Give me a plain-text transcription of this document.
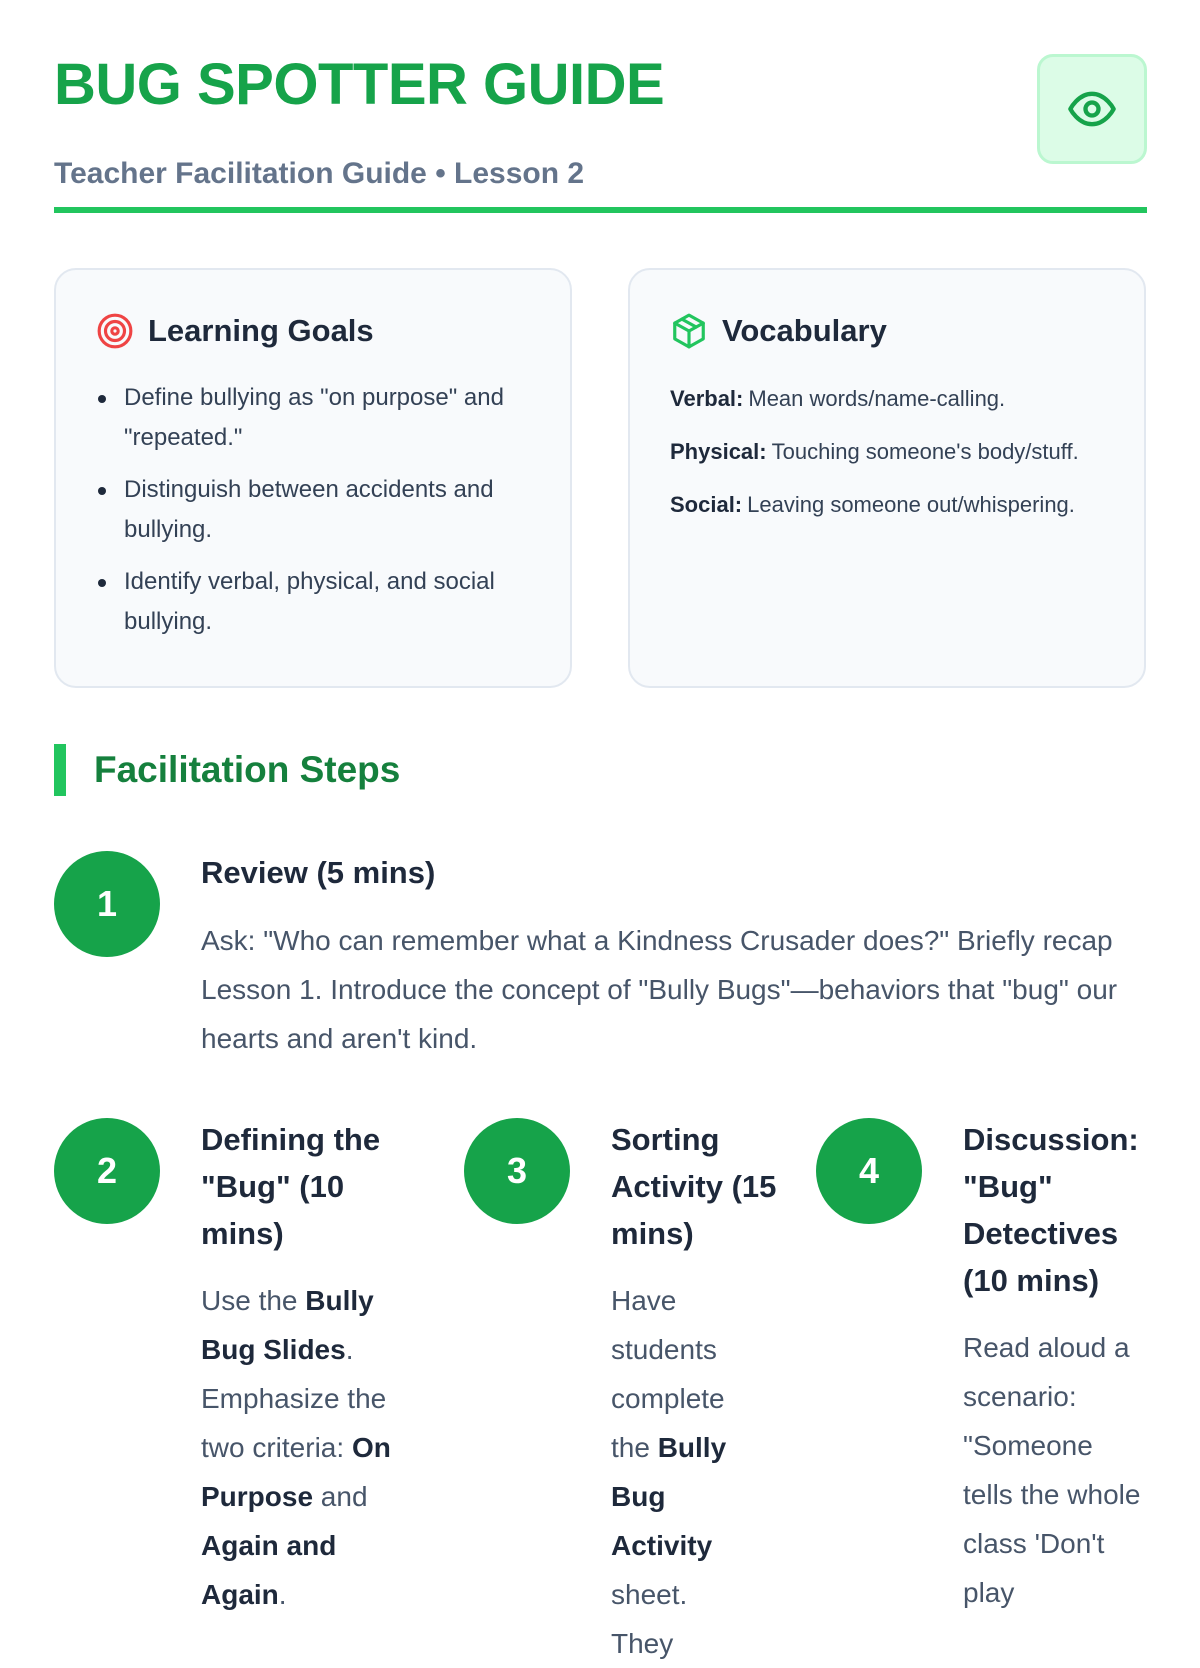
BUG SPOTTER GUIDE
Teacher Facilitation Guide • Lesson 2
Learning Goals
Define bullying as "on purpose" and "repeated."
Distinguish between accidents and bullying.
Identify verbal, physical, and social bullying.
Vocabulary
Verbal: Mean words/name-calling.
Physical: Touching someone's body/stuff.
Social: Leaving someone out/whispering.
Facilitation Steps
1
Review (5 mins)
Ask: "Who can remember what a Kindness Crusader does?" Briefly recap Lesson 1. Introduce the concept of "Bully Bugs"—behaviors that "bug" our hearts and aren't kind.
2
Defining the "Bug" (10 mins)
Use the Bully Bug Slides. Emphasize the two criteria: On Purpose and Again and Again.
3
Sorting Activity (15 mins)
Have students complete the Bully Bug Activity sheet. They
4
Discussion: "Bug" Detectives (10 mins)
Read aloud a scenario: "Someone tells the whole class 'Don't play
